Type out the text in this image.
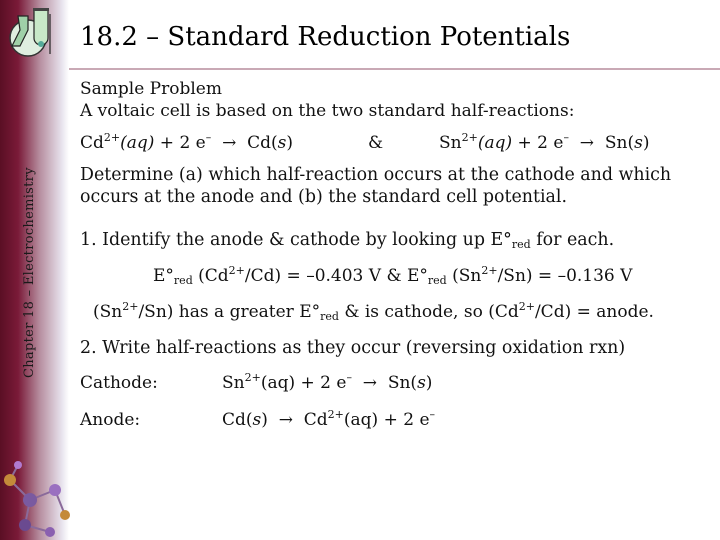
Chapter 18 – Electrochemistry
18.2 – Standard Reduction Potentials
Sample Problem
A voltaic cell is based on the two standard half-reactions:
$Cd^{2+}(aq) + 2$ e– → Cd(s)	&	$Sn^{2+}(aq) + 2$ e– → Sn(s)
Determine (a) which half-reaction occurs at the cathode and which
occurs at the anode and (b) the standard cell potential.
1. Identify the anode & cathode by looking up $E^\circ_{red}$ for each.
$E^\circ_{red}$ $(Cd^{2+}/Cd) = -0.403$ V & $E^\circ_{red}$ $(Sn^{2+}/Sn) = -0.136$ V
$(Sn^{2+}/Sn)$ has a greater $E^\circ_{red}$ & is cathode, so $(Cd^{2+}/Cd)$ = anode.
2. Write half-reactions as they occur (reversing oxidation rxn)
Cathode:	$Sn^{2+}(aq) + 2$ e– → Sn(s)
Anode:	$Cd(s) \to Cd^{2+}(aq) + 2$ e–
